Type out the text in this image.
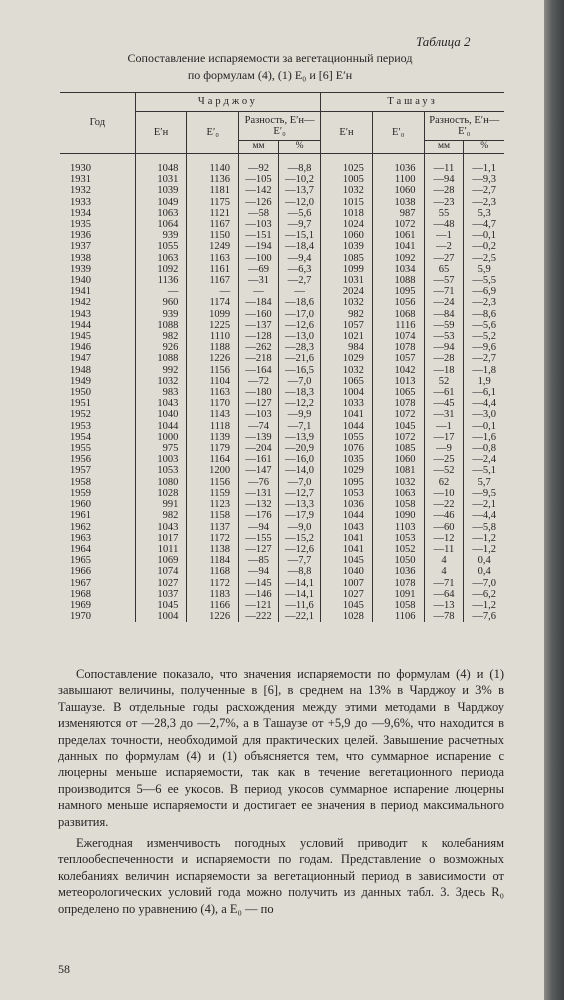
Таблица 2
Сопоставление испаряемости за вегетационный период
по формулам (4), (1) E₀ и [6] E′н
Год	Чарджоу				Ташауз			
	E′н	E′₀	Разность, E′н—E′₀		E′н	E′₀	Разность, E′н—E′₀	
			мм	%			мм	%
1930	1048	1140	—92	—8,8	1025	1036	—11	—1,1
1931	1031	1136	—105	—10,2	1005	1100	—94	—9,3
1932	1039	1181	—142	—13,7	1032	1060	—28	—2,7
1933	1049	1175	—126	—12,0	1015	1038	—23	—2,3
1934	1063	1121	—58	—5,6	1018	987	55	5,3
1935	1064	1167	—103	—9,7	1024	1072	—48	—4,7
1936	939	1150	—151	—15,1	1060	1061	—1	—0,1
1937	1055	1249	—194	—18,4	1039	1041	—2	—0,2
1938	1063	1163	—100	—9,4	1085	1092	—27	—2,5
1939	1092	1161	—69	—6,3	1099	1034	65	5,9
1940	1136	1167	—31	—2,7	1031	1088	—57	—5,5
1941	—	—	—	—	2024	1095	—71	—6,9
1942	960	1174	—184	—18,6	1032	1056	—24	—2,3
1943	939	1099	—160	—17,0	982	1068	—84	—8,6
1944	1088	1225	—137	—12,6	1057	1116	—59	—5,6
1945	982	1110	—128	—13,0	1021	1074	—53	—5,2
1946	926	1188	—262	—28,3	984	1078	—94	—9,6
1947	1088	1226	—218	—21,6	1029	1057	—28	—2,7
1948	992	1156	—164	—16,5	1032	1042	—18	—1,8
1949	1032	1104	—72	—7,0	1065	1013	52	1,9
1950	983	1163	—180	—18,3	1004	1065	—61	—6,1
1951	1043	1170	—127	—12,2	1033	1078	—45	—4,4
1952	1040	1143	—103	—9,9	1041	1072	—31	—3,0
1953	1044	1118	—74	—7,1	1044	1045	—1	—0,1
1954	1000	1139	—139	—13,9	1055	1072	—17	—1,6
1955	975	1179	—204	—20,9	1076	1085	—9	—0,8
1956	1003	1164	—161	—16,0	1035	1060	—25	—2,4
1957	1053	1200	—147	—14,0	1029	1081	—52	—5,1
1958	1080	1156	—76	—7,0	1095	1032	62	5,7
1959	1028	1159	—131	—12,7	1053	1063	—10	—9,5
1960	991	1123	—132	—13,3	1036	1058	—22	—2,1
1961	982	1158	—176	—17,9	1044	1090	—46	—4,4
1962	1043	1137	—94	—9,0	1043	1103	—60	—5,8
1963	1017	1172	—155	—15,2	1041	1053	—12	—1,2
1964	1011	1138	—127	—12,6	1041	1052	—11	—1,2
1965	1069	1184	—85	—7,7	1045	1050	4	0,4
1966	1074	1168	—94	—8,8	1040	1036	4	0,4
1967	1027	1172	—145	—14,1	1007	1078	—71	—7,0
1968	1037	1183	—146	—14,1	1027	1091	—64	—6,2
1969	1045	1166	—121	—11,6	1045	1058	—13	—1,2
1970	1004	1226	—222	—22,1	1028	1106	—78	—7,6

Сопоставление показало, что значения испаряемости по формулам (4) и (1) завышают величины, полученные в [6], в среднем на 13% в Чарджоу и 3% в Ташаузе. В отдельные годы расхождения между этими методами в Чарджоу изменяются от —28,3 до —2,7%, а в Ташаузе от +5,9 до —9,6%, что находится в пределах точности, необходимой для практических целей. Завышение расчетных данных по формулам (4) и (1) объясняется тем, что суммарное испарение с люцерны меньше испаряемости, так как в течение вегетационного периода производится 5—6 ее укосов. В период укосов суммарное испарение люцерны намного меньше испаряемости и достигает ее значения в период максимального развития.

Ежегодная изменчивость погодных условий приводит к колебаниям теплообеспеченности и испаряемости по годам. Представление о возможных колебаниях величин испаряемости за вегетационный период в зависимости от метеорологических условий года можно получить из данных табл. 3. Здесь R₀ определено по уравнению (4), а E₀ — по

58
